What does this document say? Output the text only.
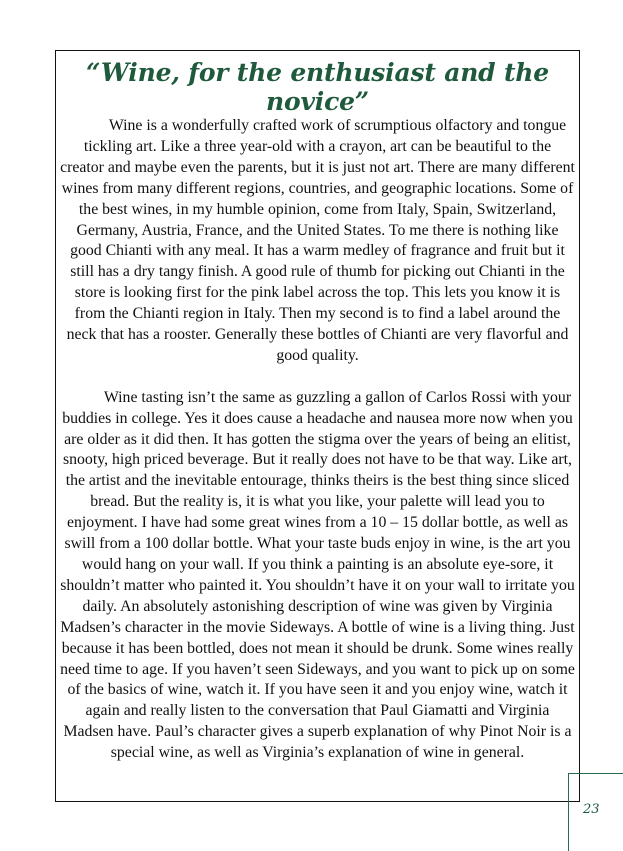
“Wine, for the enthusiast and the novice”

Wine is a wonderfully crafted work of scrumptious olfactory and tongue tickling art. Like a three year-old with a crayon, art can be beautiful to the creator and maybe even the parents, but it is just not art. There are many different wines from many different regions, countries, and geographic locations. Some of the best wines, in my humble opinion, come from Italy, Spain, Switzerland, Germany, Austria, France, and the United States. To me there is nothing like good Chianti with any meal. It has a warm medley of fragrance and fruit but it still has a dry tangy finish. A good rule of thumb for picking out Chianti in the store is looking first for the pink label across the top. This lets you know it is from the Chianti region in Italy. Then my second is to find a label around the neck that has a rooster. Generally these bottles of Chianti are very flavorful and good quality.

Wine tasting isn’t the same as guzzling a gallon of Carlos Rossi with your buddies in college. Yes it does cause a headache and nausea more now when you are older as it did then. It has gotten the stigma over the years of being an elitist, snooty, high priced beverage. But it really does not have to be that way. Like art, the artist and the inevitable entourage, thinks theirs is the best thing since sliced bread. But the reality is, it is what you like, your palette will lead you to enjoyment. I have had some great wines from a 10 – 15 dollar bottle, as well as swill from a 100 dollar bottle. What your taste buds enjoy in wine, is the art you would hang on your wall. If you think a painting is an absolute eye-sore, it shouldn’t matter who painted it. You shouldn’t have it on your wall to irritate you daily. An absolutely astonishing description of wine was given by Virginia Madsen’s character in the movie Sideways. A bottle of wine is a living thing. Just because it has been bottled, does not mean it should be drunk. Some wines really need time to age. If you haven’t seen Sideways, and you want to pick up on some of the basics of wine, watch it. If you have seen it and you enjoy wine, watch it again and really listen to the conversation that Paul Giamatti and Virginia Madsen have. Paul’s character gives a superb explanation of why Pinot Noir is a special wine, as well as Virginia’s explanation of wine in general.

23
